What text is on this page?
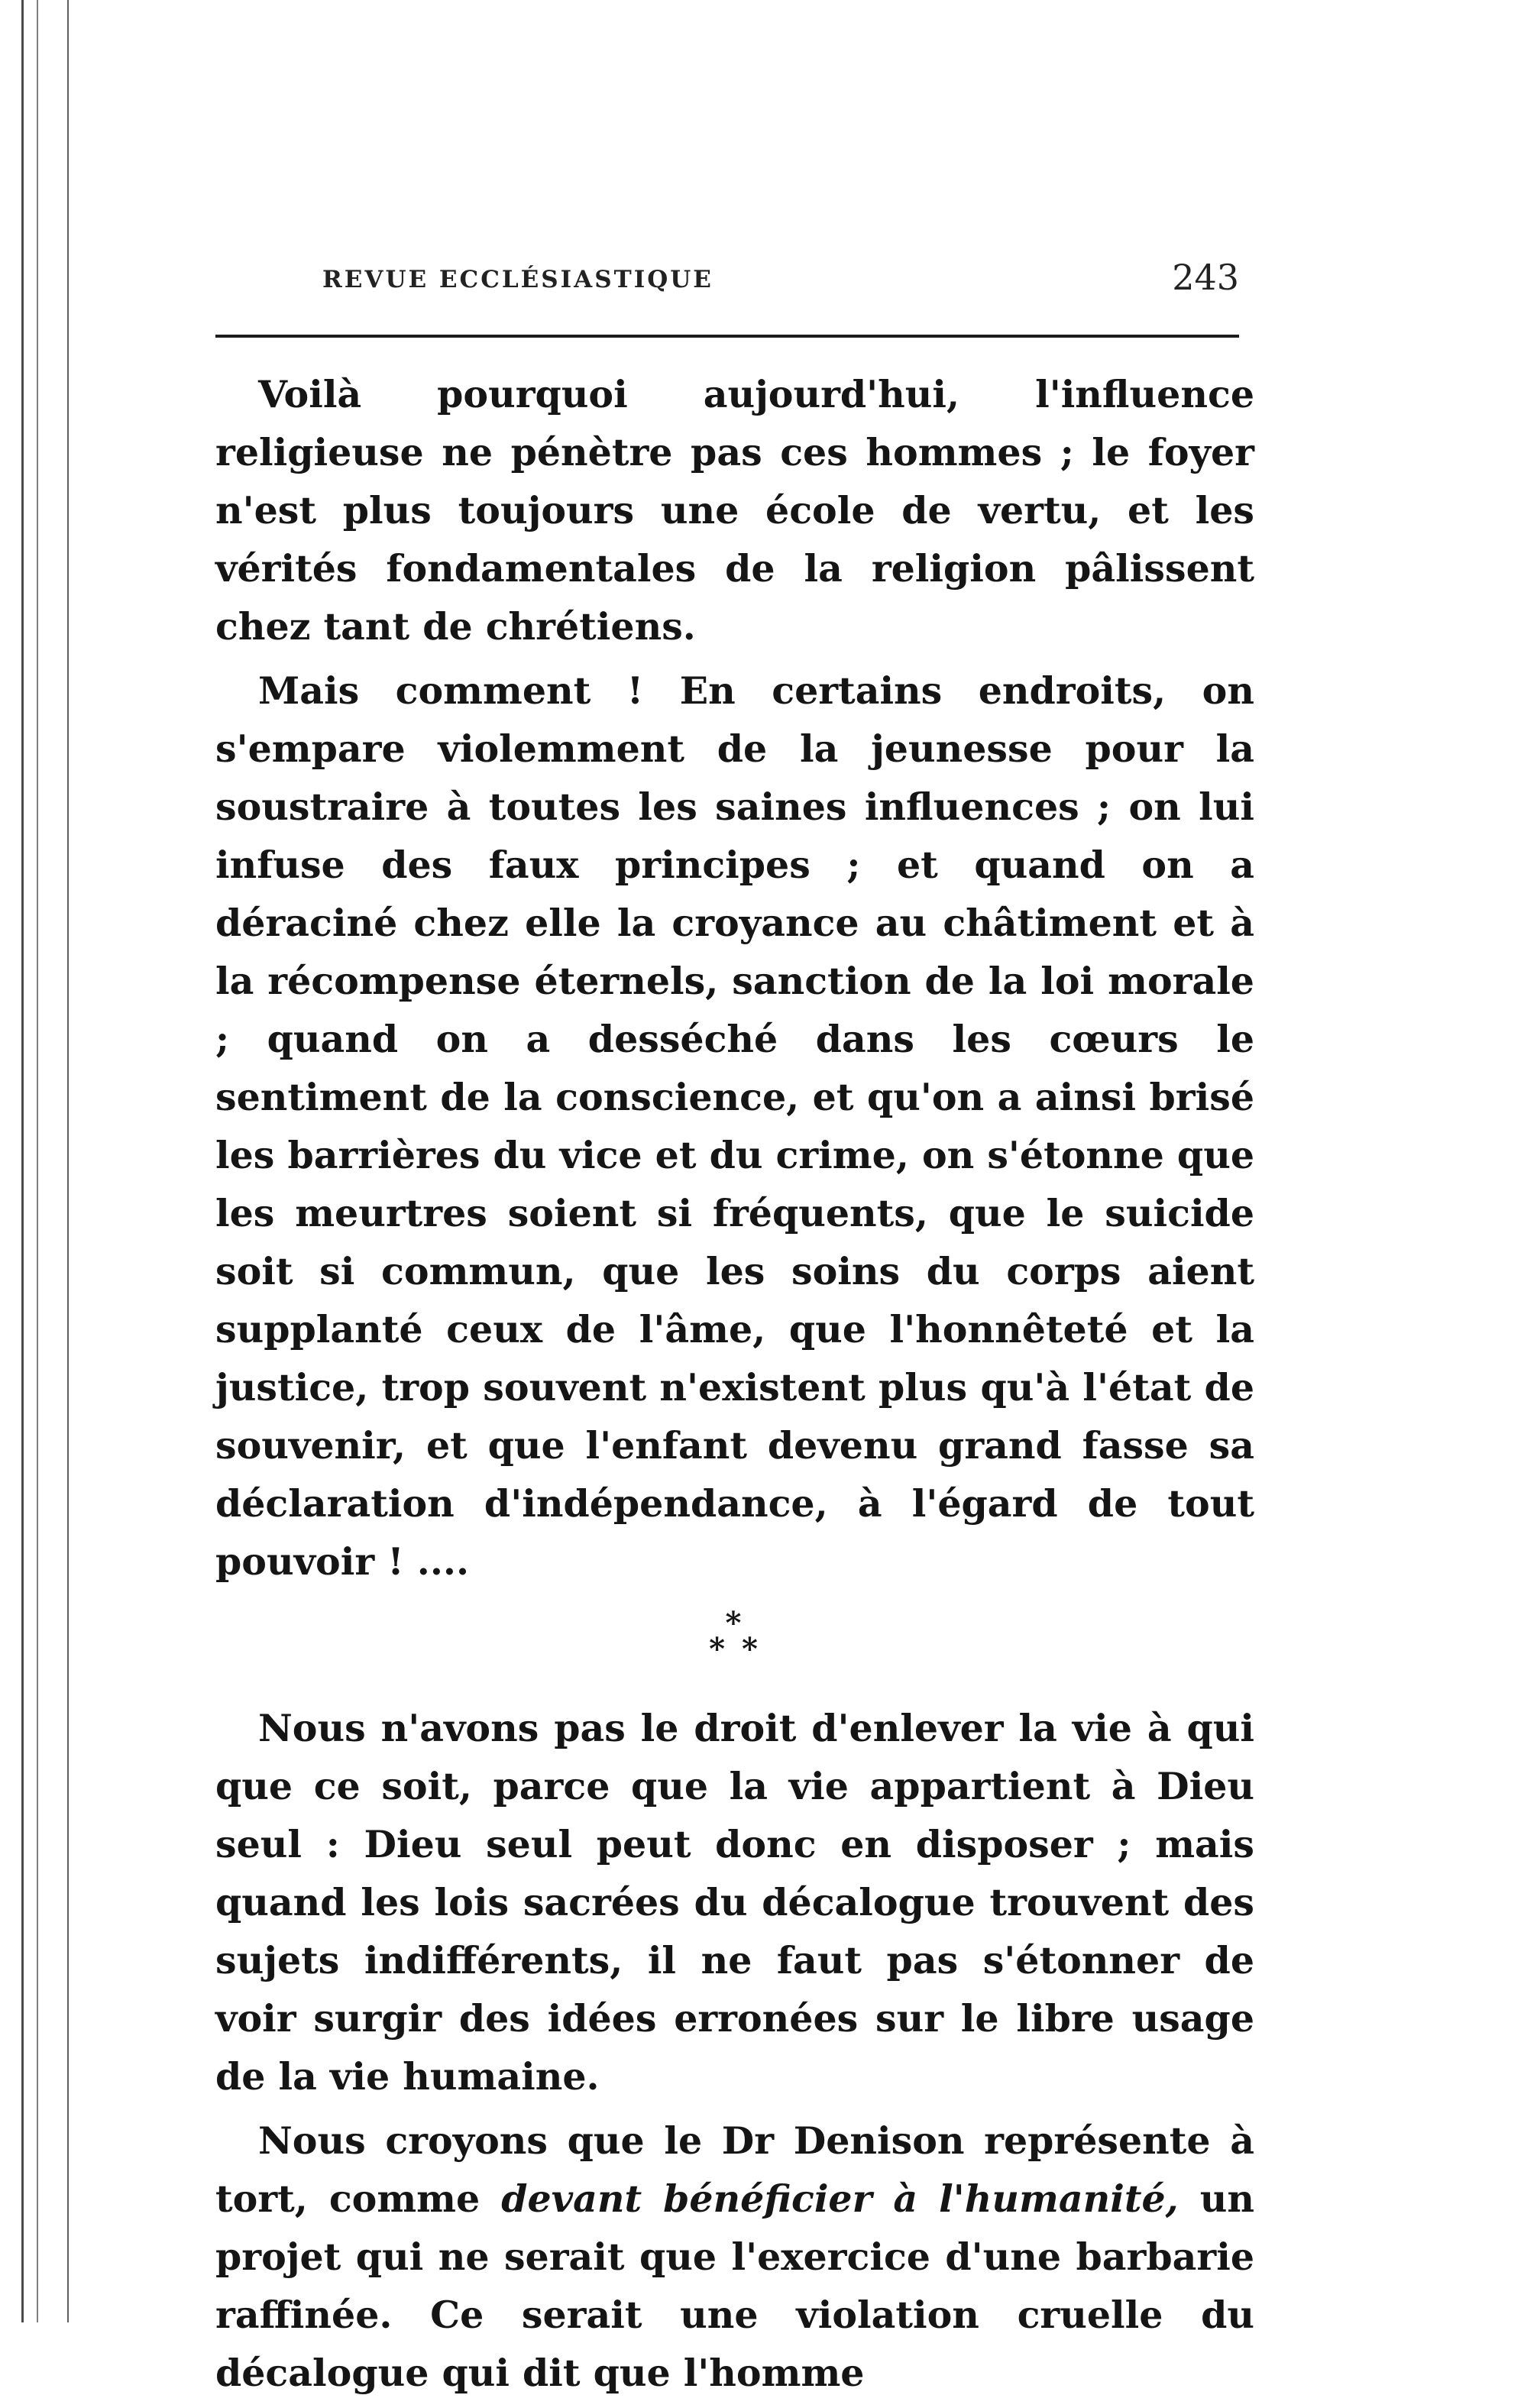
REVUE ECCLÉSIASTIQUE	243

Voilà pourquoi aujourd'hui, l'influence religieuse ne pénètre pas ces hommes ; le foyer n'est plus toujours une école de vertu, et les vérités fondamentales de la religion pâlissent chez tant de chrétiens.

Mais comment ! En certains endroits, on s'empare violemment de la jeunesse pour la soustraire à toutes les saines influences ; on lui infuse des faux principes ; et quand on a déraciné chez elle la croyance au châtiment et à la récompense éternels, sanction de la loi morale ; quand on a desséché dans les cœurs le sentiment de la conscience, et qu'on a ainsi brisé les barrières du vice et du crime, on s'étonne que les meurtres soient si fréquents, que le suicide soit si commun, que les soins du corps aient supplanté ceux de l'âme, que l'honnêteté et la justice, trop souvent n'existent plus qu'à l'état de souvenir, et que l'enfant devenu grand fasse sa déclaration d'indépendance, à l'égard de tout pouvoir ! ....

*
* *

Nous n'avons pas le droit d'enlever la vie à qui que ce soit, parce que la vie appartient à Dieu seul : Dieu seul peut donc en disposer ; mais quand les lois sacrées du décalogue trouvent des sujets indifférents, il ne faut pas s'étonner de voir surgir des idées erronées sur le libre usage de la vie humaine.

Nous croyons que le Dr Denison représente à tort, comme devant bénéficier à l'humanité, un projet qui ne serait que l'exercice d'une barbarie raffinée. Ce serait une violation cruelle du décalogue qui dit que l'homme
